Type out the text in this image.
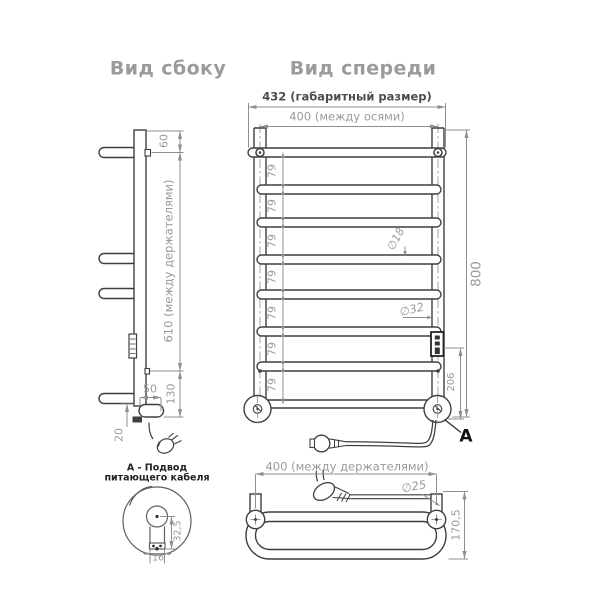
Вид сбоку	Вид спереди
432 (габаритный размер)
400 (между осями)
79
79
79
79
79
79
79
∅18
∅32
206
800
A
60
610 (между держателями)
50 130
20
А - Подвод
питающего кабеля
32,5
16
400 (между держателями)
∅25
170,5
